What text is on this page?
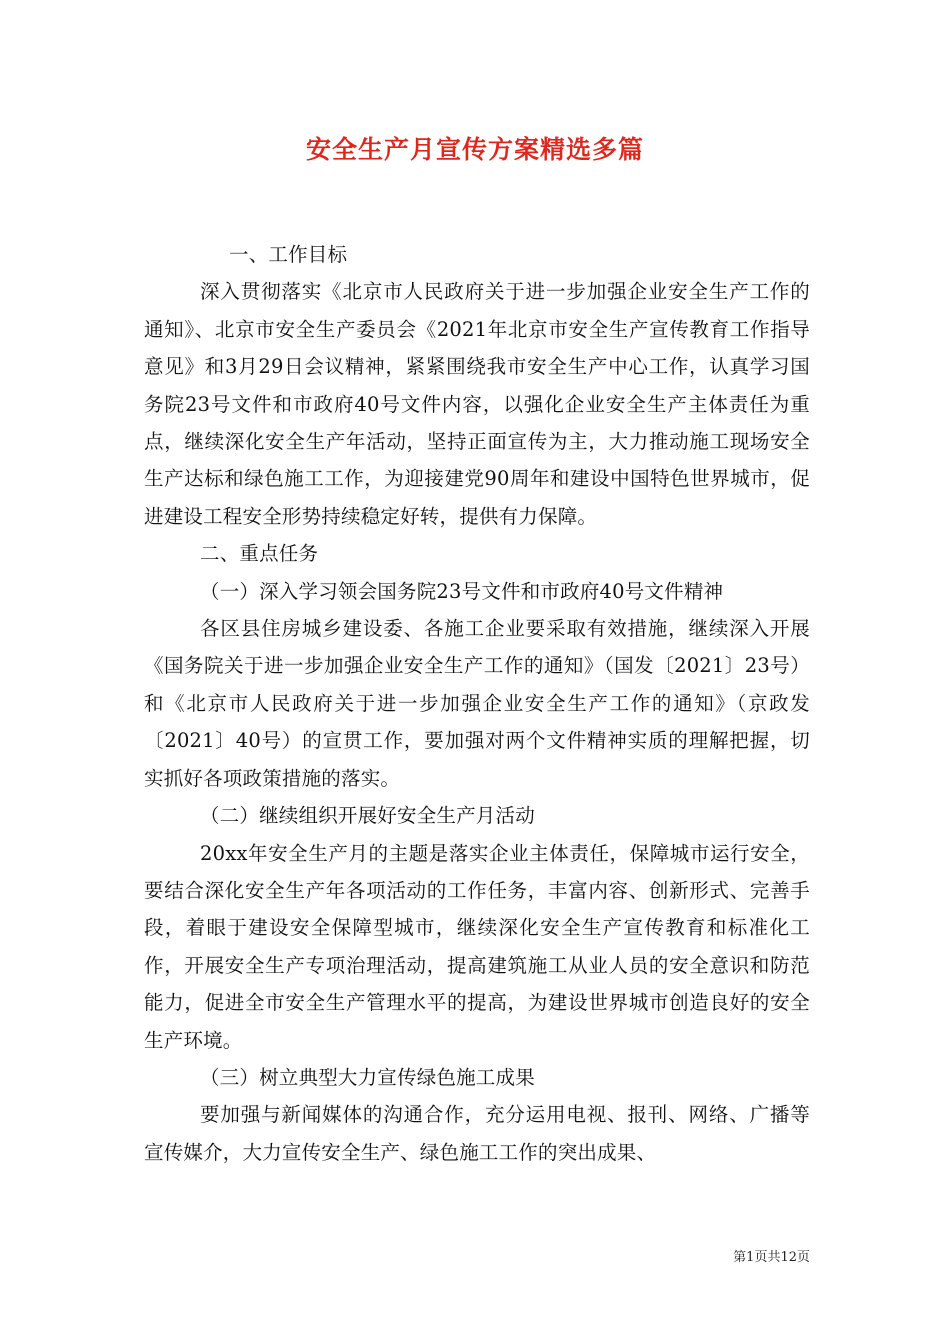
安全生产月宣传方案精选多篇

一、工作目标

深入贯彻落实《北京市人民政府关于进一步加强企业安全生产工作的通知》、北京市安全生产委员会《2021年北京市安全生产宣传教育工作指导意见》和3月29日会议精神，紧紧围绕我市安全生产中心工作，认真学习国务院23号文件和市政府40号文件内容，以强化企业安全生产主体责任为重点，继续深化安全生产年活动，坚持正面宣传为主，大力推动施工现场安全生产达标和绿色施工工作，为迎接建党90周年和建设中国特色世界城市，促进建设工程安全形势持续稳定好转，提供有力保障。

二、重点任务

（一）深入学习领会国务院23号文件和市政府40号文件精神

各区县住房城乡建设委、各施工企业要采取有效措施，继续深入开展《国务院关于进一步加强企业安全生产工作的通知》（国发〔2021〕23号）和《北京市人民政府关于进一步加强企业安全生产工作的通知》（京政发〔2021〕40号）的宣贯工作，要加强对两个文件精神实质的理解把握，切实抓好各项政策措施的落实。

（二）继续组织开展好安全生产月活动

20xx年安全生产月的主题是落实企业主体责任，保障城市运行安全，要结合深化安全生产年各项活动的工作任务，丰富内容、创新形式、完善手段，着眼于建设安全保障型城市，继续深化安全生产宣传教育和标准化工作，开展安全生产专项治理活动，提高建筑施工从业人员的安全意识和防范能力，促进全市安全生产管理水平的提高，为建设世界城市创造良好的安全生产环境。

（三）树立典型大力宣传绿色施工成果

要加强与新闻媒体的沟通合作，充分运用电视、报刊、网络、广播等宣传媒介，大力宣传安全生产、绿色施工工作的突出成果、

第1页共12页
